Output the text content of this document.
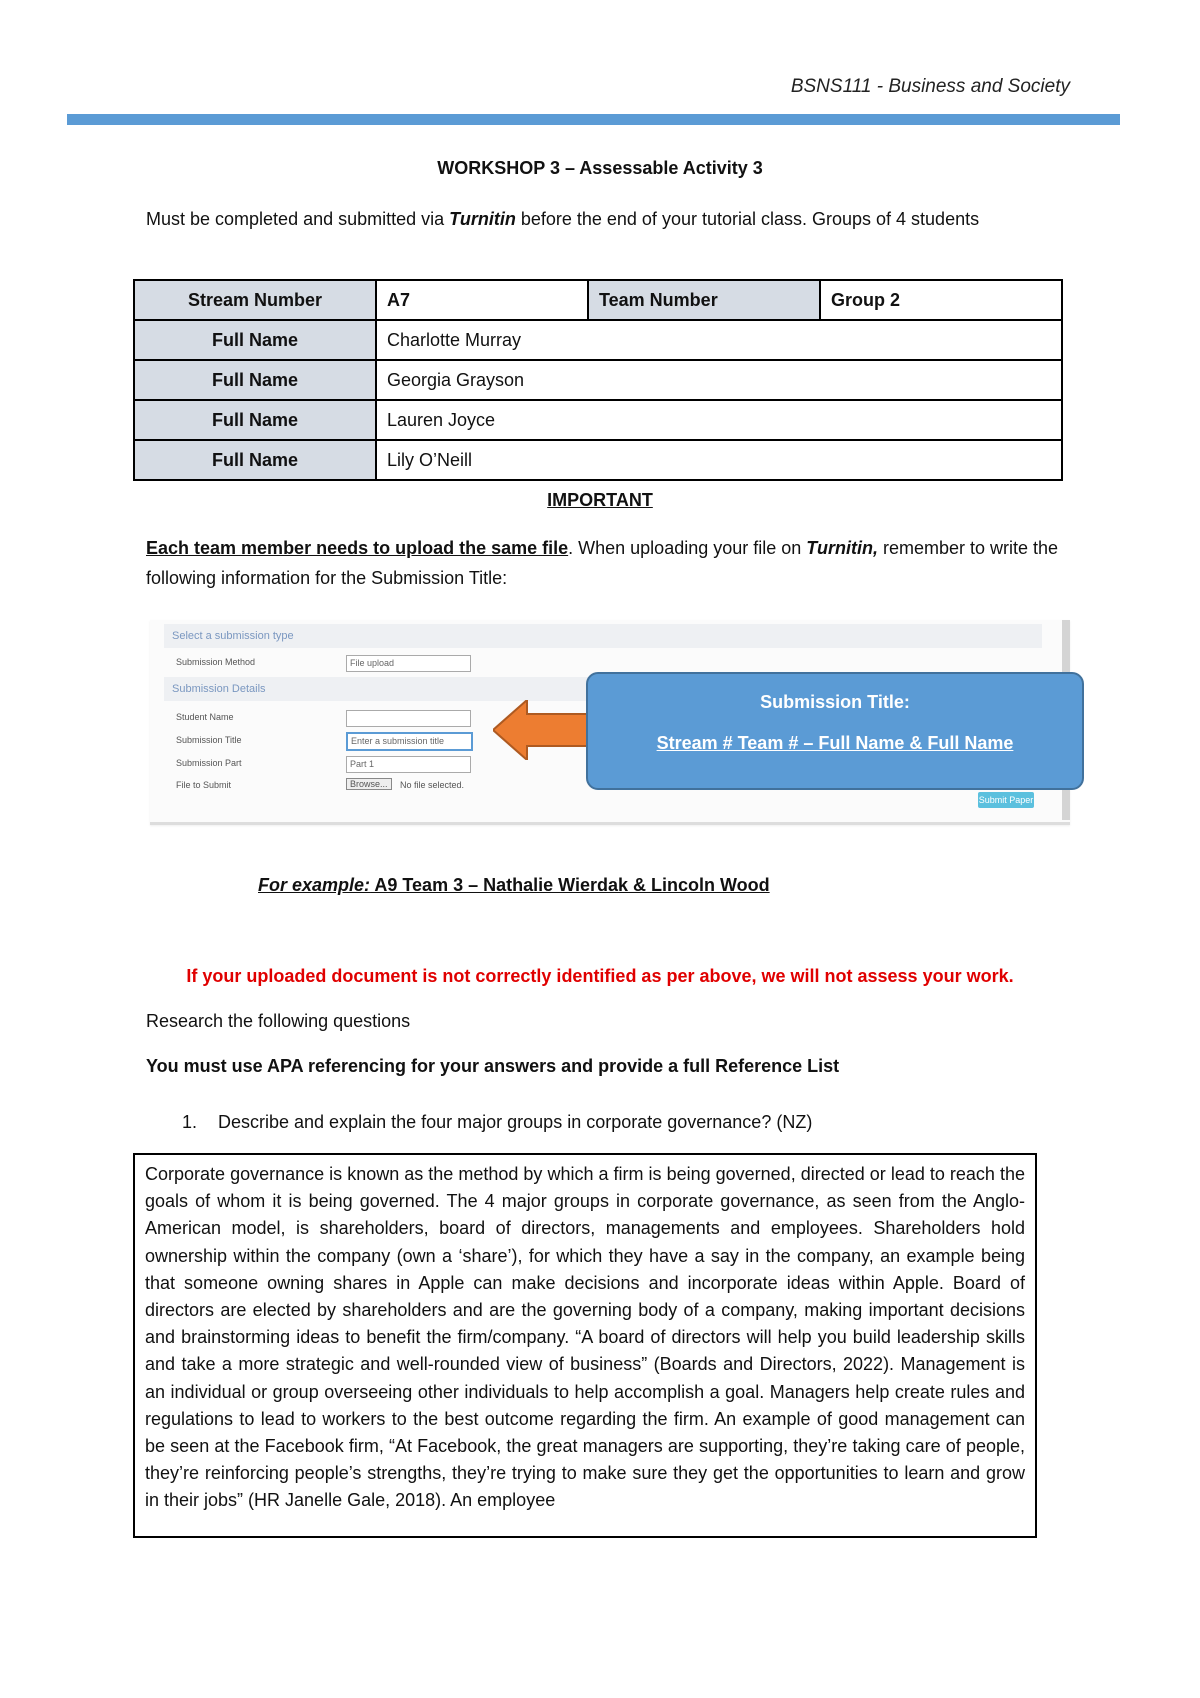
BSNS111 - Business and Society
WORKSHOP 3 – Assessable Activity 3
Must be completed and submitted via Turnitin before the end of your tutorial class. Groups of 4 students
Stream Number	A7	Team Number	Group 2
Full Name	Charlotte Murray		
Full Name	Georgia Grayson		
Full Name	Lauren Joyce		
Full Name	Lily O’Neill		
IMPORTANT
Each team member needs to upload the same file. When uploading your file on Turnitin, remember to write the following information for the Submission Title:
Select a submission type
Submission Method	File upload
Submission Details
Student Name
Submission Title	Enter a submission title
Submission Part	Part 1
File to Submit	Browse...	No file selected.
Submit Paper
Submission Title:
Stream # Team # – Full Name & Full Name
For example: A9 Team 3 – Nathalie Wierdak & Lincoln Wood
If your uploaded document is not correctly identified as per above, we will not assess your work.
Research the following questions
You must use APA referencing for your answers and provide a full Reference List
1. Describe and explain the four major groups in corporate governance? (NZ)
Corporate governance is known as the method by which a firm is being governed, directed or lead to reach the goals of whom it is being governed. The 4 major groups in corporate governance, as seen from the Anglo-American model, is shareholders, board of directors, managements and employees. Shareholders hold ownership within the company (own a ‘share’), for which they have a say in the company, an example being that someone owning shares in Apple can make decisions and incorporate ideas within Apple. Board of directors are elected by shareholders and are the governing body of a company, making important decisions and brainstorming ideas to benefit the firm/company. “A board of directors will help you build leadership skills and take a more strategic and well-rounded view of business” (Boards and Directors, 2022). Management is an individual or group overseeing other individuals to help accomplish a goal. Managers help create rules and regulations to lead to workers to the best outcome regarding the firm. An example of good management can be seen at the Facebook firm, “At Facebook, the great managers are supporting, they’re taking care of people, they’re reinforcing people’s strengths, they’re trying to make sure they get the opportunities to learn and grow in their jobs” (HR Janelle Gale, 2018). An employee
